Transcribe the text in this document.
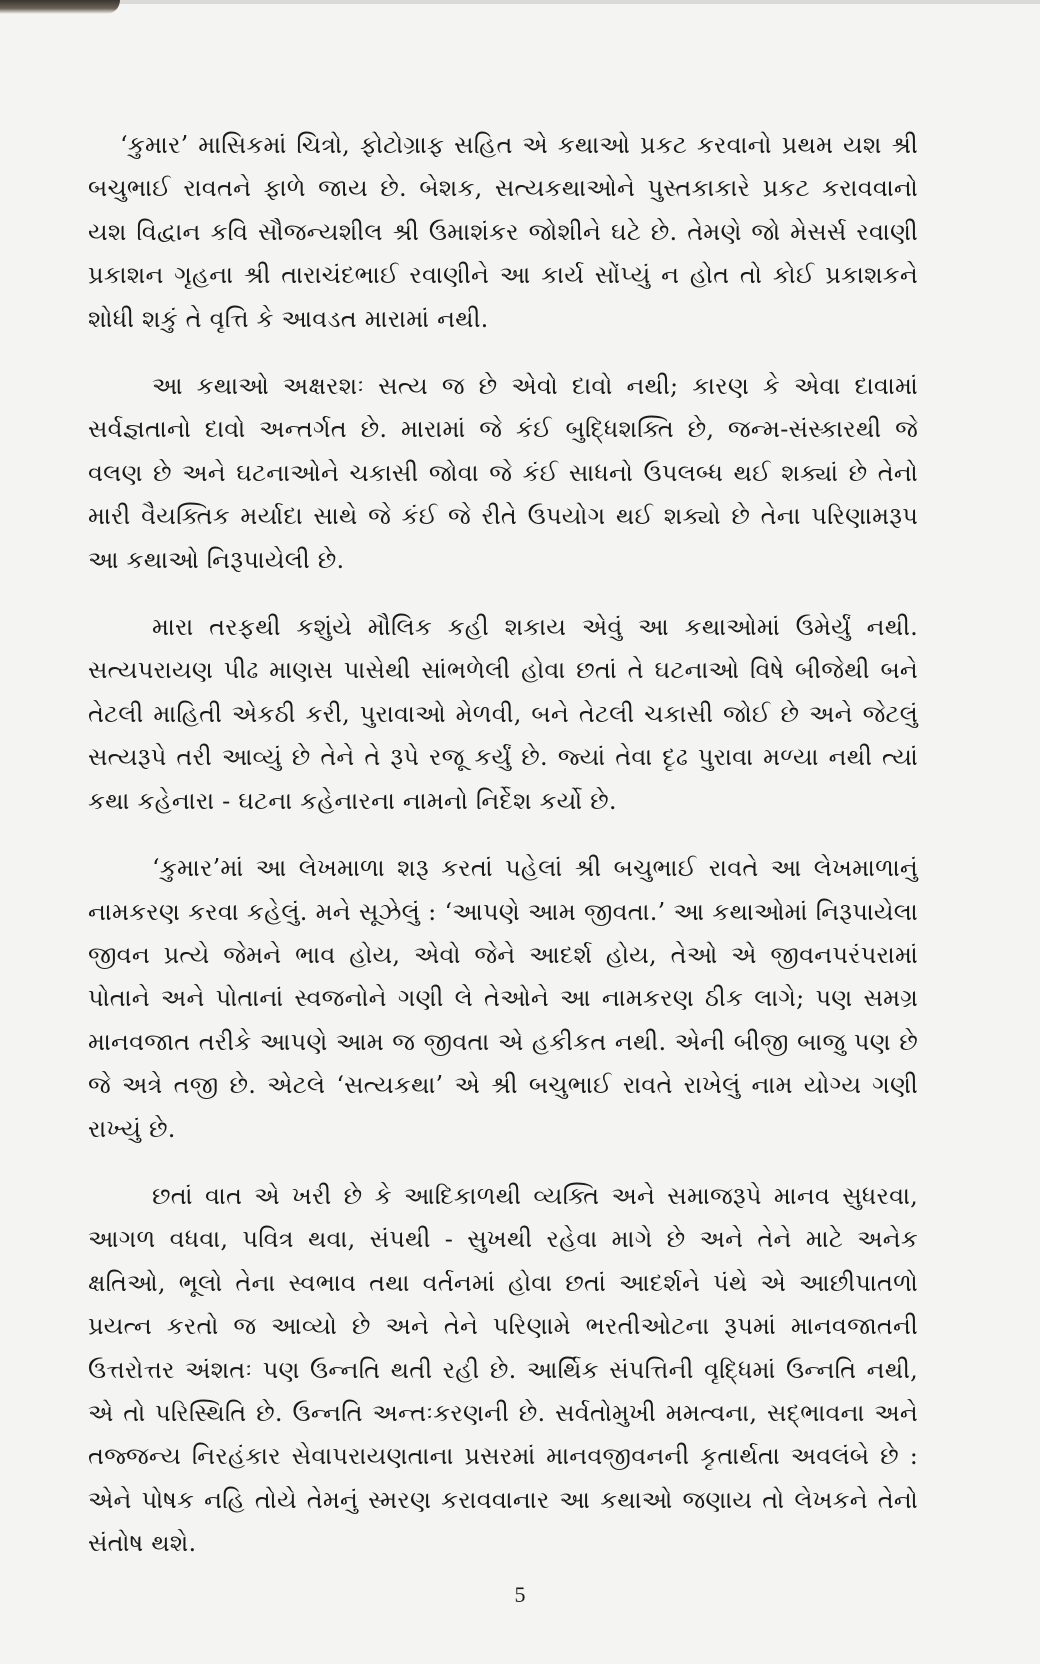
‘કુમાર’ માસિકમાં ચિત્રો, ફોટોગ્રાફ સહિત એ કથાઓ પ્રકટ કરવાનો પ્રથમ યશ શ્રી બચુભાઈ રાવતને ફાળે જાય છે. બેશક, સત્યકથાઓને પુસ્તકાકારે પ્રકટ કરાવવાનો યશ વિદ્વાન કવિ સૌજન્યશીલ શ્રી ઉમાશંકર જોશીને ઘટે છે. તેમણે જો મેસર્સ રવાણી પ્રકાશન ગૃહના શ્રી તારાચંદભાઈ રવાણીને આ કાર્ય સોંપ્યું ન હોત તો કોઈ પ્રકાશકને શોધી શકું તે વૃત્તિ કે આવડત મારામાં નથી.

આ કથાઓ અક્ષરશઃ સત્ય જ છે એવો દાવો નથી; કારણ કે એવા દાવામાં સર્વજ્ઞતાનો દાવો અન્તર્ગત છે. મારામાં જે કંઈ બુદ્ધિશક્તિ છે, જન્મ-સંસ્કારથી જે વલણ છે અને ઘટનાઓને ચકાસી જોવા જે કંઈ સાધનો ઉપલબ્ધ થઈ શક્યાં છે તેનો મારી વૈયક્તિક મર્યાદા સાથે જે કંઈ જે રીતે ઉપયોગ થઈ શક્યો છે તેના પરિણામરૂપ આ કથાઓ નિરૂપાયેલી છે.

મારા તરફથી કશુંયે મૌલિક કહી શકાય એવું આ કથાઓમાં ઉમેર્યું નથી. સત્યપરાયણ પીઢ માણસ પાસેથી સાંભળેલી હોવા છતાં તે ઘટનાઓ વિષે બીજેથી બને તેટલી માહિતી એકઠી કરી, પુરાવાઓ મેળવી, બને તેટલી ચકાસી જોઈ છે અને જેટલું સત્યરૂપે તરી આવ્યું છે તેને તે રૂપે રજૂ કર્યું છે. જ્યાં તેવા દૃઢ પુરાવા મળ્યા નથી ત્યાં કથા કહેનારા - ઘટના કહેનારના નામનો નિર્દેશ કર્યો છે.

‘કુમાર’માં આ લેખમાળા શરૂ કરતાં પહેલાં શ્રી બચુભાઈ રાવતે આ લેખમાળાનું નામકરણ કરવા કહેલું. મને સૂઝેલું : ‘આપણે આમ જીવતા.’ આ કથાઓમાં નિરૂપાયેલા જીવન પ્રત્યે જેમને ભાવ હોય, એવો જેને આદર્શ હોય, તેઓ એ જીવનપરંપરામાં પોતાને અને પોતાનાં સ્વજનોને ગણી લે તેઓને આ નામકરણ ઠીક લાગે; પણ સમગ્ર માનવજાત તરીકે આપણે આમ જ જીવતા એ હકીકત નથી. એની બીજી બાજુ પણ છે જે અત્રે તજી છે. એટલે ‘સત્યકથા’ એ શ્રી બચુભાઈ રાવતે રાખેલું નામ યોગ્ય ગણી રાખ્યું છે.

છતાં વાત એ ખરી છે કે આદિકાળથી વ્યક્તિ અને સમાજરૂપે માનવ સુધરવા, આગળ વધવા, પવિત્ર થવા, સંપથી - સુખથી રહેવા માગે છે અને તેને માટે અનેક ક્ષતિઓ, ભૂલો તેના સ્વભાવ તથા વર્તનમાં હોવા છતાં આદર્શને પંથે એ આછીપાતળો પ્રયત્ન કરતો જ આવ્યો છે અને તેને પરિણામે ભરતીઓટના રૂપમાં માનવજાતની ઉત્તરોત્તર અંશતઃ પણ ઉન્નતિ થતી રહી છે. આર્થિક સંપત્તિની વૃદ્ધિમાં ઉન્નતિ નથી, એ તો પરિસ્થિતિ છે. ઉન્નતિ અન્તઃકરણની છે. સર્વતોમુખી મમત્વના, સદ્ભાવના અને તજ્જન્ય નિરહંકાર સેવાપરાયણતાના પ્રસરમાં માનવજીવનની કૃતાર્થતા અવલંબે છે : એને પોષક નહિ તોયે તેમનું સ્મરણ કરાવવાનાર આ કથાઓ જણાય તો લેખકને તેનો સંતોષ થશે.

5
